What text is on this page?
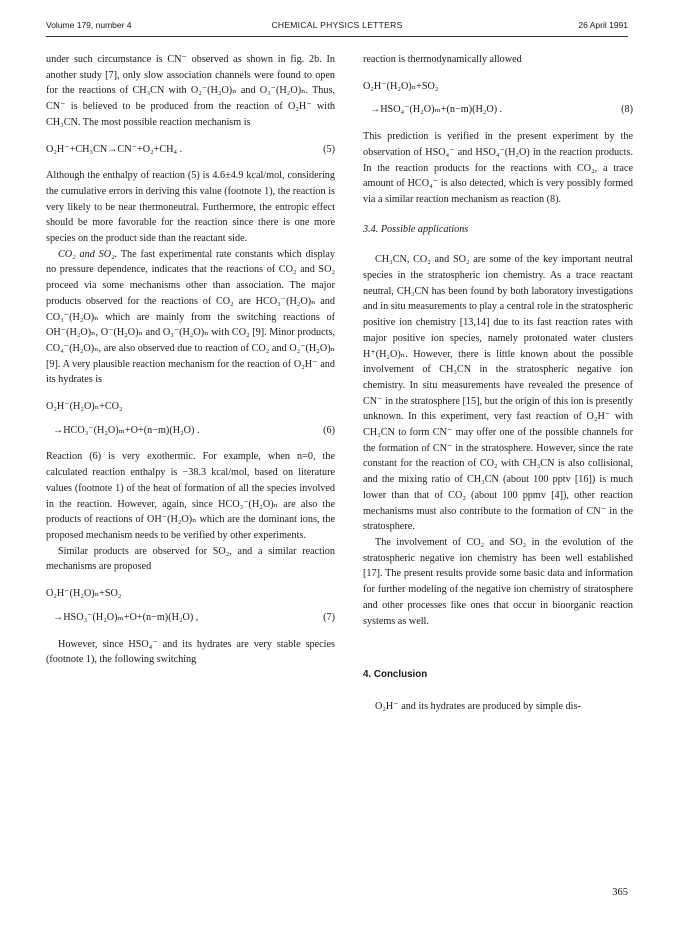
Volume 179, number 4	CHEMICAL PHYSICS LETTERS	26 April 1991

under such circumstance is CN⁻ observed as shown in fig. 2b. In another study [7], only slow association channels were found to open for the reactions of CH₃CN with O₂⁻(H₂O)ₙ and O₃⁻(H₂O)ₙ. Thus, CN⁻ is believed to be produced from the reaction of O₂H⁻ with CH₃CN. The most possible reaction mechanism is

O₂H⁻+CH₃CN→CN⁻+O₂+CH₄ .	(5)

Although the enthalpy of reaction (5) is 4.6±4.9 kcal/mol, considering the cumulative errors in deriving this value (footnote 1), the reaction is very likely to be near thermoneutral. Furthermore, the entropic effect should be more favorable for the reaction since there is one more species on the product side than the reactant side.

CO₂ and SO₂. The fast experimental rate constants which display no pressure dependence, indicates that the reactions of CO₂ and SO₂ proceed via some mechanisms other than association. The major products observed for the reactions of CO₂ are HCO₃⁻(H₂O)ₙ and CO₃⁻(H₂O)ₙ which are mainly from the switching reactions of OH⁻(H₂O)ₙ, O⁻(H₂O)ₙ and O₃⁻(H₂O)ₙ with CO₂ [9]. Minor products, CO₄⁻(H₂O)ₙ, are also observed due to reaction of CO₂ and O₂⁻(H₂O)ₙ [9]. A very plausible reaction mechanism for the reaction of O₂H⁻ and its hydrates is

O₂H⁻(H₂O)ₙ+CO₂
→HCO₃⁻(H₂O)ₘ+O+(n−m)(H₂O) .	(6)

Reaction (6) is very exothermic. For example, when n=0, the calculated reaction enthalpy is −38.3 kcal/mol, based on literature values (footnote 1) of the heat of formation of all the species involved in the reaction. However, again, since HCO₃⁻(H₂O)ₙ are also the products of reactions of OH⁻(H₂O)ₙ which are the dominant ions, the proposed mechanism needs to be verified by other experiments.

Similar products are observed for SO₂, and a similar reaction mechanisms are proposed

O₂H⁻(H₂O)ₙ+SO₂
→HSO₃⁻(H₂O)ₘ+O+(n−m)(H₂O) ,	(7)

However, since HSO₄⁻ and its hydrates are very stable species (footnote 1), the following switching

reaction is thermodynamically allowed

O₂H⁻(H₂O)ₙ+SO₂
→HSO₄⁻(H₂O)ₘ+(n−m)(H₂O) .	(8)

This prediction is verified in the present experiment by the observation of HSO₄⁻ and HSO₄⁻(H₂O) in the reaction products. In the reaction products for the reactions with CO₂, a trace amount of HCO₄⁻ is also detected, which is very possibly formed via a similar reaction mechanism as reaction (8).

3.4. Possible applications

CH₃CN, CO₂ and SO₂ are some of the key important neutral species in the stratospheric ion chemistry. As a trace reactant neutral, CH₃CN has been found by both laboratory investigations and in situ measurements to play a central role in the stratospheric positive ion chemistry [13,14] due to its fast reaction rates with major positive ion species, namely protonated water clusters H⁺(H₂O)ₙ. However, there is little known about the possible involvement of CH₃CN in the stratospheric negative ion chemistry. In situ measurements have revealed the presence of CN⁻ in the stratosphere [15], but the origin of this ion is presently unknown. In this experiment, very fast reaction of O₂H⁻ with CH₃CN to form CN⁻ may offer one of the possible channels for the formation of CN⁻ in the stratosphere. However, since the rate constant for the reaction of CO₂ with CH₃CN is also collisional, and the mixing ratio of CH₃CN (about 100 pptv [16]) is much lower than that of CO₂ (about 100 ppmv [4]), other reaction mechanisms must also contribute to the formation of CN⁻ in the stratosphere.

The involvement of CO₂ and SO₂ in the evolution of the stratospheric negative ion chemistry has been well established [17]. The present results provide some basic data and information for further modeling of the negative ion chemistry of stratosphere and other processes like ones that occur in bioorganic reaction systems as well.

4. Conclusion

O₂H⁻ and its hydrates are produced by simple dis-

365
